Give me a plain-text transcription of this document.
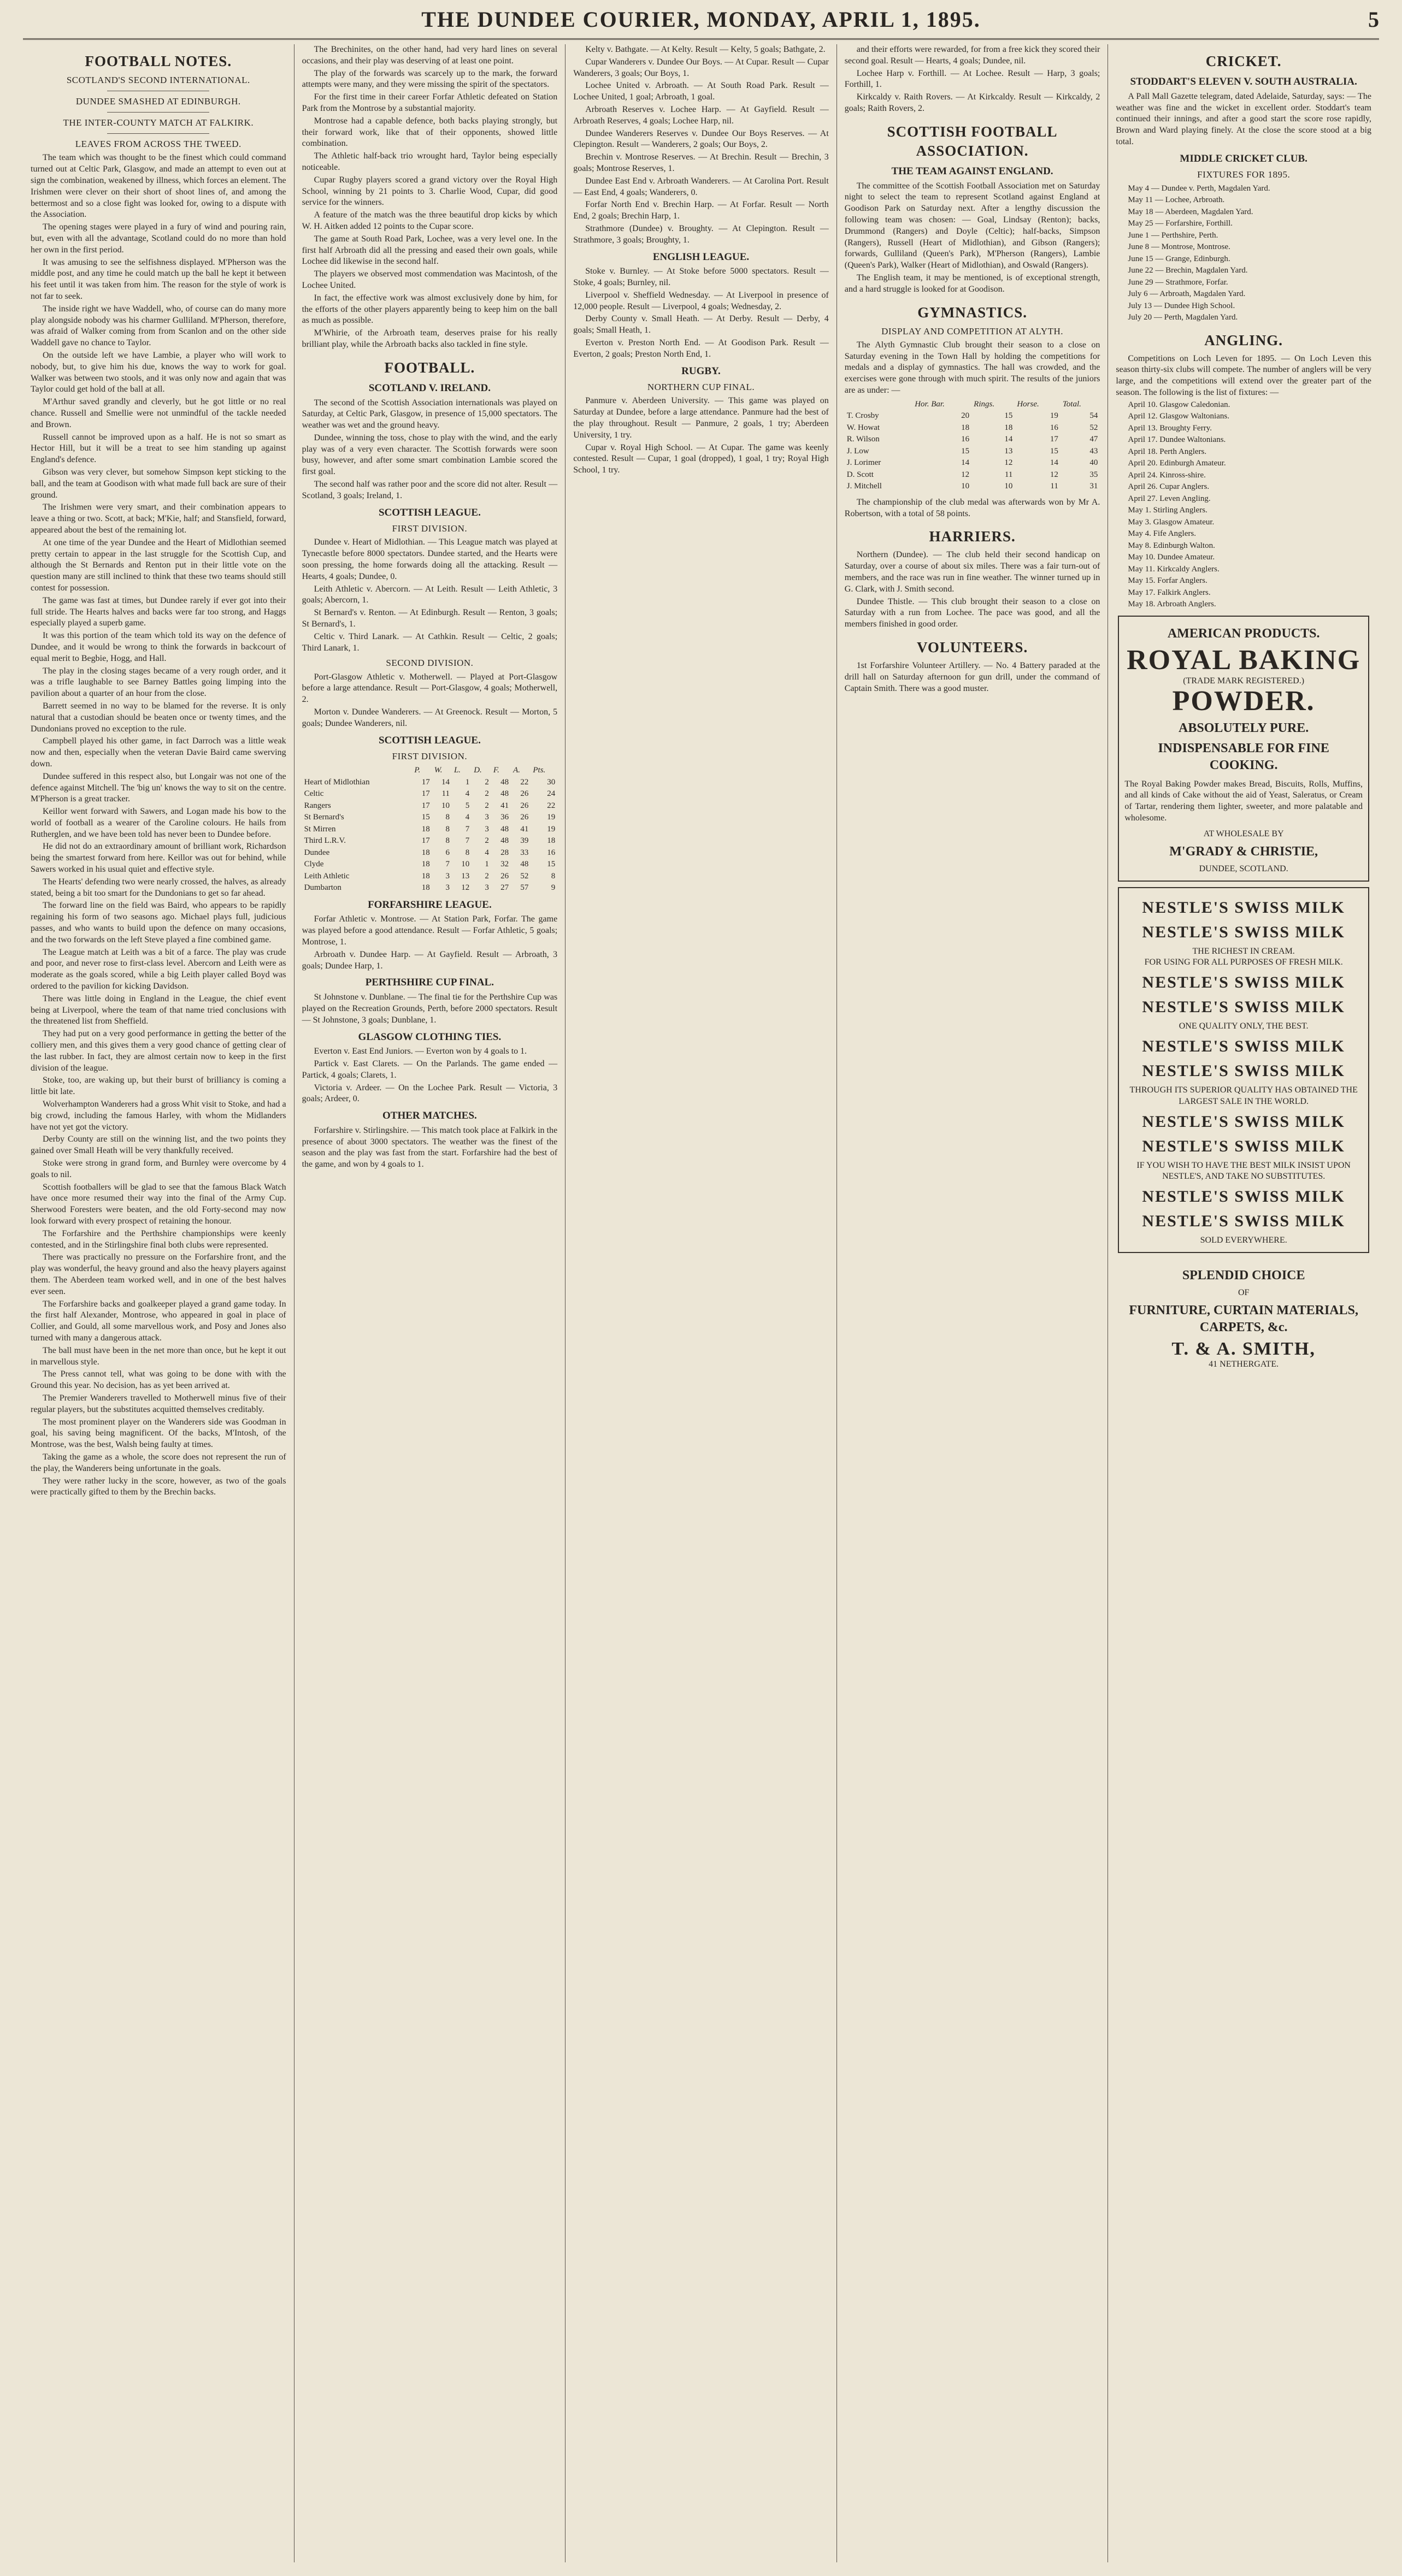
THE DUNDEE COURIER, MONDAY, APRIL 1, 1895.	5
FOOTBALL NOTES.
SCOTLAND'S SECOND INTERNATIONAL.
DUNDEE SMASHED AT EDINBURGH.
THE INTER-COUNTY MATCH AT FALKIRK.
LEAVES FROM ACROSS THE TWEED.

The team which was thought to be the finest which could command turned out at Celtic Park, Glasgow, and made an attempt to even out at sign the combination, weakened by illness, which forces an element. The Irishmen were clever on their short of shoot lines of, and among the bettermost and so a close fight was looked for, owing to a dispute with the Association.

The opening stages were played in a fury of wind and pouring rain, but, even with all the advantage, Scotland could do no more than hold her own in the first period.

It was amusing to see the selfishness displayed. M'Pherson was the middle post, and any time he could match up the ball he kept it between his feet until it was taken from him. The reason for the style of work is not far to seek.

The inside right we have Waddell, who, of course can do many more play alongside nobody was his charmer Gulliland. M'Pherson, therefore, was afraid of Walker coming from from Scanlon and on the other side Waddell gave no chance to Taylor.

On the outside left we have Lambie, a player who will work to nobody, but, to give him his due, knows the way to work for goal. Walker was between two stools, and it was only now and again that was Taylor could get hold of the ball at all.

M'Arthur saved grandly and cleverly, but he got little or no real chance. Russell and Smellie were not unmindful of the tackle needed and Brown.

Russell cannot be improved upon as a half. He is not so smart as Hector Hill, but it will be a treat to see him standing up against England's defence.

Gibson was very clever, but somehow Simpson kept sticking to the ball, and the team at Goodison with what made full back are sure of their ground.

The Irishmen were very smart, and their combination appears to leave a thing or two. Scott, at back; M'Kie, half; and Stansfield, forward, appeared about the best of the remaining lot.

At one time of the year Dundee and the Heart of Midlothian seemed pretty certain to appear in the last struggle for the Scottish Cup, and although the St Bernards and Renton put in their little vote on the question many are still inclined to think that these two teams should still contest for possession.

The game was fast at times, but Dundee rarely if ever got into their full stride. The Hearts halves and backs were far too strong, and Haggs especially played a superb game.

It was this portion of the team which told its way on the defence of Dundee, and it would be wrong to think the forwards in backcourt of equal merit to Begbie, Hogg, and Hall.

The play in the closing stages became of a very rough order, and it was a trifle laughable to see Barney Battles going limping into the pavilion about a quarter of an hour from the close.

Barrett seemed in no way to be blamed for the reverse. It is only natural that a custodian should be beaten once or twenty times, and the Dundonians proved no exception to the rule.

Campbell played his other game, in fact Darroch was a little weak now and then, especially when the veteran Davie Baird came swerving down.

Dundee suffered in this respect also, but Longair was not one of the defence against Mitchell. The 'big un' knows the way to sit on the centre. M'Pherson is a great tracker.

Keillor went forward with Sawers, and Logan made his bow to the world of football as a wearer of the Caroline colours. He hails from Rutherglen, and we have been told has never been to Dundee before.

He did not do an extraordinary amount of brilliant work, Richardson being the smartest forward from here. Keillor was out for behind, while Sawers worked in his usual quiet and effective style.

The Hearts' defending two were nearly crossed, the halves, as already stated, being a bit too smart for the Dundonians to get so far ahead.

The forward line on the field was Baird, who appears to be rapidly regaining his form of two seasons ago. Michael plays full, judicious passes, and who wants to build upon the defence on many occasions, and the two forwards on the left Steve played a fine combined game.

The League match at Leith was a bit of a farce. The play was crude and poor, and never rose to first-class level. Abercorn and Leith were as moderate as the goals scored, while a big Leith player called Boyd was ordered to the pavilion for kicking Davidson.

There was little doing in England in the League, the chief event being at Liverpool, where the team of that name tried conclusions with the threatened list from Sheffield.

They had put on a very good performance in getting the better of the colliery men, and this gives them a very good chance of getting clear of the last rubber. In fact, they are almost certain now to keep in the first division of the league.

Stoke, too, are waking up, but their burst of brilliancy is coming a little bit late.

Wolverhampton Wanderers had a gross Whit visit to Stoke, and had a big crowd, including the famous Harley, with whom the Midlanders have not yet got the victory.

Derby County are still on the winning list, and the two points they gained over Small Heath will be very thankfully received.

Stoke were strong in grand form, and Burnley were overcome by 4 goals to nil.

Scottish footballers will be glad to see that the famous Black Watch have once more resumed their way into the final of the Army Cup. Sherwood Foresters were beaten, and the old Forty-second may now look forward with every prospect of retaining the honour.

The Forfarshire and the Perthshire championships were keenly contested, and in the Stirlingshire final both clubs were represented.

There was practically no pressure on the Forfarshire front, and the play was wonderful, the heavy ground and also the heavy players against them. The Aberdeen team worked well, and in one of the best halves ever seen.

The Forfarshire backs and goalkeeper played a grand game today. In the first half Alexander, Montrose, who appeared in goal in place of Collier, and Gould, all some marvellous work, and Posy and Jones also turned with many a dangerous attack.

The ball must have been in the net more than once, but he kept it out in marvellous style.

The Press cannot tell, what was going to be done with with the Ground this year. No decision, has as yet been arrived at.

The Premier Wanderers travelled to Motherwell minus five of their regular players, but the substitutes acquitted themselves creditably.

The most prominent player on the Wanderers side was Goodman in goal, his saving being magnificent. Of the backs, M'Intosh, of the Montrose, was the best, Walsh being faulty at times.

Taking the game as a whole, the score does not represent the run of the play, the Wanderers being unfortunate in the goals.

They were rather lucky in the score, however, as two of the goals were practically gifted to them by the Brechin backs.

The Brechinites, on the other hand, had very hard lines on several occasions, and their play was deserving of at least one point.

The play of the forwards was scarcely up to the mark, the forward attempts were many, and they were missing the spirit of the spectators.

For the first time in their career Forfar Athletic defeated on Station Park from the Montrose by a substantial majority.

Montrose had a capable defence, both backs playing strongly, but their forward work, like that of their opponents, showed little combination.

The Athletic half-back trio wrought hard, Taylor being especially noticeable.

Cupar Rugby players scored a grand victory over the Royal High School, winning by 21 points to 3. Charlie Wood, Cupar, did good service for the winners.

A feature of the match was the three beautiful drop kicks by which W. H. Aitken added 12 points to the Cupar score.

The game at South Road Park, Lochee, was a very level one. In the first half Arbroath did all the pressing and eased their own goals, while Lochee did likewise in the second half.

The players we observed most commendation was Macintosh, of the Lochee United.

In fact, the effective work was almost exclusively done by him, for the efforts of the other players apparently being to keep him on the ball as much as possible.

M'Whirie, of the Arbroath team, deserves praise for his really brilliant play, while the Arbroath backs also tackled in fine style.

FOOTBALL.
SCOTLAND V. IRELAND.

The second of the Scottish Association internationals was played on Saturday, at Celtic Park, Glasgow, in presence of 15,000 spectators. The weather was wet and the ground heavy.

Dundee, winning the toss, chose to play with the wind, and the early play was of a very even character. The Scottish forwards were soon busy, however, and after some smart combination Lambie scored the first goal.

The second half was rather poor and the score did not alter. Result — Scotland, 3 goals; Ireland, 1.

SCOTTISH LEAGUE.
FIRST DIVISION.

Dundee v. Heart of Midlothian. — This League match was played at Tynecastle before 8000 spectators. Dundee started, and the Hearts were soon pressing, the home forwards doing all the attacking. Result — Hearts, 4 goals; Dundee, 0.

Leith Athletic v. Abercorn. — At Leith. Result — Leith Athletic, 3 goals; Abercorn, 1.

St Bernard's v. Renton. — At Edinburgh. Result — Renton, 3 goals; St Bernard's, 1.

Celtic v. Third Lanark. — At Cathkin. Result — Celtic, 2 goals; Third Lanark, 1.

SECOND DIVISION.

Port-Glasgow Athletic v. Motherwell. — Played at Port-Glasgow before a large attendance. Result — Port-Glasgow, 4 goals; Motherwell, 2.

Morton v. Dundee Wanderers. — At Greenock. Result — Morton, 5 goals; Dundee Wanderers, nil.

SCOTTISH LEAGUE.
FIRST DIVISION.
	P.	W.	L.	D.	F.	A.	Pts.
Heart of Midlothian	17	14	1	2	48	22	30
Celtic	17	11	4	2	48	26	24
Rangers	17	10	5	2	41	26	22
St Bernard's	15	8	4	3	36	26	19
St Mirren	18	8	7	3	48	41	19
Third L.R.V.	17	8	7	2	48	39	18
Dundee	18	6	8	4	28	33	16
Clyde	18	7	10	1	32	48	15
Leith Athletic	18	3	13	2	26	52	8
Dumbarton	18	3	12	3	27	57	9
FORFARSHIRE LEAGUE.

Forfar Athletic v. Montrose. — At Station Park, Forfar. The game was played before a good attendance. Result — Forfar Athletic, 5 goals; Montrose, 1.

Arbroath v. Dundee Harp. — At Gayfield. Result — Arbroath, 3 goals; Dundee Harp, 1.

PERTHSHIRE CUP FINAL.

St Johnstone v. Dunblane. — The final tie for the Perthshire Cup was played on the Recreation Grounds, Perth, before 2000 spectators. Result — St Johnstone, 3 goals; Dunblane, 1.

GLASGOW CLOTHING TIES.

Everton v. East End Juniors. — Everton won by 4 goals to 1.

Partick v. East Clarets. — On the Parlands. The game ended — Partick, 4 goals; Clarets, 1.

Victoria v. Ardeer. — On the Lochee Park. Result — Victoria, 3 goals; Ardeer, 0.

OTHER MATCHES.

Forfarshire v. Stirlingshire. — This match took place at Falkirk in the presence of about 3000 spectators. The weather was the finest of the season and the play was fast from the start. Forfarshire had the best of the game, and won by 4 goals to 1.

Kelty v. Bathgate. — At Kelty. Result — Kelty, 5 goals; Bathgate, 2.

Cupar Wanderers v. Dundee Our Boys. — At Cupar. Result — Cupar Wanderers, 3 goals; Our Boys, 1.

Lochee United v. Arbroath. — At South Road Park. Result — Lochee United, 1 goal; Arbroath, 1 goal.

Arbroath Reserves v. Lochee Harp. — At Gayfield. Result — Arbroath Reserves, 4 goals; Lochee Harp, nil.

Dundee Wanderers Reserves v. Dundee Our Boys Reserves. — At Clepington. Result — Wanderers, 2 goals; Our Boys, 2.

Brechin v. Montrose Reserves. — At Brechin. Result — Brechin, 3 goals; Montrose Reserves, 1.

Dundee East End v. Arbroath Wanderers. — At Carolina Port. Result — East End, 4 goals; Wanderers, 0.

Forfar North End v. Brechin Harp. — At Forfar. Result — North End, 2 goals; Brechin Harp, 1.

Strathmore (Dundee) v. Broughty. — At Clepington. Result — Strathmore, 3 goals; Broughty, 1.

ENGLISH LEAGUE.

Stoke v. Burnley. — At Stoke before 5000 spectators. Result — Stoke, 4 goals; Burnley, nil.

Liverpool v. Sheffield Wednesday. — At Liverpool in presence of 12,000 people. Result — Liverpool, 4 goals; Wednesday, 2.

Derby County v. Small Heath. — At Derby. Result — Derby, 4 goals; Small Heath, 1.

Everton v. Preston North End. — At Goodison Park. Result — Everton, 2 goals; Preston North End, 1.

RUGBY.
NORTHERN CUP FINAL.

Panmure v. Aberdeen University. — This game was played on Saturday at Dundee, before a large attendance. Panmure had the best of the play throughout. Result — Panmure, 2 goals, 1 try; Aberdeen University, 1 try.

Cupar v. Royal High School. — At Cupar. The game was keenly contested. Result — Cupar, 1 goal (dropped), 1 goal, 1 try; Royal High School, 1 try.

and their efforts were rewarded, for from a free kick they scored their second goal. Result — Hearts, 4 goals; Dundee, nil.

Lochee Harp v. Forthill. — At Lochee. Result — Harp, 3 goals; Forthill, 1.

Kirkcaldy v. Raith Rovers. — At Kirkcaldy. Result — Kirkcaldy, 2 goals; Raith Rovers, 2.

SCOTTISH FOOTBALL ASSOCIATION.
THE TEAM AGAINST ENGLAND.

The committee of the Scottish Football Association met on Saturday night to select the team to represent Scotland against England at Goodison Park on Saturday next. After a lengthy discussion the following team was chosen: — Goal, Lindsay (Renton); backs, Drummond (Rangers) and Doyle (Celtic); half-backs, Simpson (Rangers), Russell (Heart of Midlothian), and Gibson (Rangers); forwards, Gulliland (Queen's Park), M'Pherson (Rangers), Lambie (Queen's Park), Walker (Heart of Midlothian), and Oswald (Rangers).

The English team, it may be mentioned, is of exceptional strength, and a hard struggle is looked for at Goodison.

GYMNASTICS.
DISPLAY AND COMPETITION AT ALYTH.

The Alyth Gymnastic Club brought their season to a close on Saturday evening in the Town Hall by holding the competitions for medals and a display of gymnastics. The hall was crowded, and the exercises were gone through with much spirit. The results of the juniors are as under: —

	Hor. Bar.	Rings.	Horse.	Total.
T. Crosby	20	15	19	54
W. Howat	18	18	16	52
R. Wilson	16	14	17	47
J. Low	15	13	15	43
J. Lorimer	14	12	14	40
D. Scott	12	11	12	35
J. Mitchell	10	10	11	31

The championship of the club medal was afterwards won by Mr A. Robertson, with a total of 58 points.

HARRIERS.

Northern (Dundee). — The club held their second handicap on Saturday, over a course of about six miles. There was a fair turn-out of members, and the race was run in fine weather. The winner turned up in G. Clark, with J. Smith second.

Dundee Thistle. — This club brought their season to a close on Saturday with a run from Lochee. The pace was good, and all the members finished in good order.

VOLUNTEERS.

1st Forfarshire Volunteer Artillery. — No. 4 Battery paraded at the drill hall on Saturday afternoon for gun drill, under the command of Captain Smith. There was a good muster.

CRICKET.
STODDART'S ELEVEN V. SOUTH AUSTRALIA.

A Pall Mall Gazette telegram, dated Adelaide, Saturday, says: — The weather was fine and the wicket in excellent order. Stoddart's team continued their innings, and after a good start the score rose rapidly, Brown and Ward playing finely. At the close the score stood at a big total.

MIDDLE CRICKET CLUB.
FIXTURES FOR 1895.

May 4 — Dundee v. Perth, Magdalen Yard.

May 11 — Lochee, Arbroath.

May 18 — Aberdeen, Magdalen Yard.

May 25 — Forfarshire, Forthill.

June 1 — Perthshire, Perth.

June 8 — Montrose, Montrose.

June 15 — Grange, Edinburgh.

June 22 — Brechin, Magdalen Yard.

June 29 — Strathmore, Forfar.

July 6 — Arbroath, Magdalen Yard.

July 13 — Dundee High School.

July 20 — Perth, Magdalen Yard.

ANGLING.

Competitions on Loch Leven for 1895. — On Loch Leven this season thirty-six clubs will compete. The number of anglers will be very large, and the competitions will extend over the greater part of the season. The following is the list of fixtures: —

April 10. Glasgow Caledonian.

April 12. Glasgow Waltonians.

April 13. Broughty Ferry.

April 17. Dundee Waltonians.

April 18. Perth Anglers.

April 20. Edinburgh Amateur.

April 24. Kinross-shire.

April 26. Cupar Anglers.

April 27. Leven Angling.

May 1. Stirling Anglers.

May 3. Glasgow Amateur.

May 4. Fife Anglers.

May 8. Edinburgh Walton.

May 10. Dundee Amateur.

May 11. Kirkcaldy Anglers.

May 15. Forfar Anglers.

May 17. Falkirk Anglers.

May 18. Arbroath Anglers.

AMERICAN PRODUCTS.
ROYAL BAKING
(TRADE MARK REGISTERED.)
POWDER.
ABSOLUTELY PURE.
INDISPENSABLE FOR FINE COOKING.
The Royal Baking Powder makes Bread, Biscuits, Rolls, Muffins, and all kinds of Cake without the aid of Yeast, Saleratus, or Cream of Tartar, rendering them lighter, sweeter, and more palatable and wholesome.
AT WHOLESALE BY
M'GRADY & CHRISTIE,
DUNDEE, SCOTLAND.
NESTLE'S SWISS MILK
NESTLE'S SWISS MILK
THE RICHEST IN CREAM.
FOR USING FOR ALL PURPOSES OF FRESH MILK.
NESTLE'S SWISS MILK
NESTLE'S SWISS MILK
ONE QUALITY ONLY, THE BEST.
NESTLE'S SWISS MILK
NESTLE'S SWISS MILK
THROUGH ITS SUPERIOR QUALITY HAS OBTAINED THE LARGEST SALE IN THE WORLD.
NESTLE'S SWISS MILK
NESTLE'S SWISS MILK
IF YOU WISH TO HAVE THE BEST MILK INSIST UPON NESTLE'S, AND TAKE NO SUBSTITUTES.
NESTLE'S SWISS MILK
NESTLE'S SWISS MILK
SOLD EVERYWHERE.
SPLENDID CHOICE
OF
FURNITURE, CURTAIN MATERIALS, CARPETS, &c.
T. & A. SMITH,
41 NETHERGATE.
